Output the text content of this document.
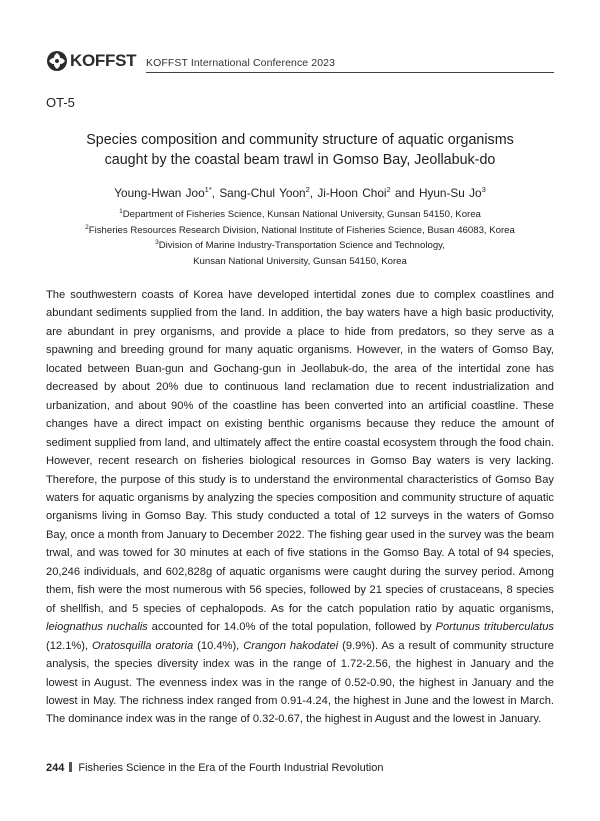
KOFFST KOFFST International Conference 2023
OT-5
Species composition and community structure of aquatic organisms
caught by the coastal beam trawl in Gomso Bay, Jeollabuk-do
Young-Hwan Joo$^{1*}$, Sang-Chul Yoon$^2$, Ji-Hoon Choi$^2$ and Hyun-Su Jo$^3$
$^1$Department of Fisheries Science, Kunsan National University, Gunsan 54150, Korea
$^2$Fisheries Resources Research Division, National Institute of Fisheries Science, Busan 46083, Korea
$^3$Division of Marine Industry-Transportation Science and Technology,
Kunsan National University, Gunsan 54150, Korea

The southwestern coasts of Korea have developed intertidal zones due to complex coastlines and abundant sediments supplied from the land. In addition, the bay waters have a high basic productivity, are abundant in prey organisms, and provide a place to hide from predators, so they serve as a spawning and breeding ground for many aquatic organisms. However, in the waters of Gomso Bay, located between Buan-gun and Gochang-gun in Jeollabuk-do, the area of the intertidal zone has decreased by about 20% due to continuous land reclamation due to recent industrialization and urbanization, and about 90% of the coastline has been converted into an artificial coastline. These changes have a direct impact on existing benthic organisms because they reduce the amount of sediment supplied from land, and ultimately affect the entire coastal ecosystem through the food chain. However, recent research on fisheries biological resources in Gomso Bay waters is very lacking. Therefore, the purpose of this study is to understand the environmental characteristics of Gomso Bay waters for aquatic organisms by analyzing the species composition and community structure of aquatic organisms living in Gomso Bay. This study conducted a total of 12 surveys in the waters of Gomso Bay, once a month from January to December 2022. The fishing gear used in the survey was the beam trwal, and was towed for 30 minutes at each of five stations in the Gomso Bay. A total of 94 species, 20,246 individuals, and 602,828g of aquatic organisms were caught during the survey period. Among them, fish were the most numerous with 56 species, followed by 21 species of crustaceans, 8 species of shellfish, and 5 species of cephalopods. As for the catch population ratio by aquatic organisms, leiognathus nuchalis accounted for 14.0% of the total population, followed by Portunus trituberculatus (12.1%), Oratosquilla oratoria (10.4%), Crangon hakodatei (9.9%). As a result of community structure analysis, the species diversity index was in the range of 1.72-2.56, the highest in January and the lowest in August. The evenness index was in the range of 0.52-0.90, the highest in January and the lowest in May. The richness index ranged from 0.91-4.24, the highest in June and the lowest in March. The dominance index was in the range of 0.32-0.67, the highest in August and the lowest in January.

244 Fisheries Science in the Era of the Fourth Industrial Revolution
